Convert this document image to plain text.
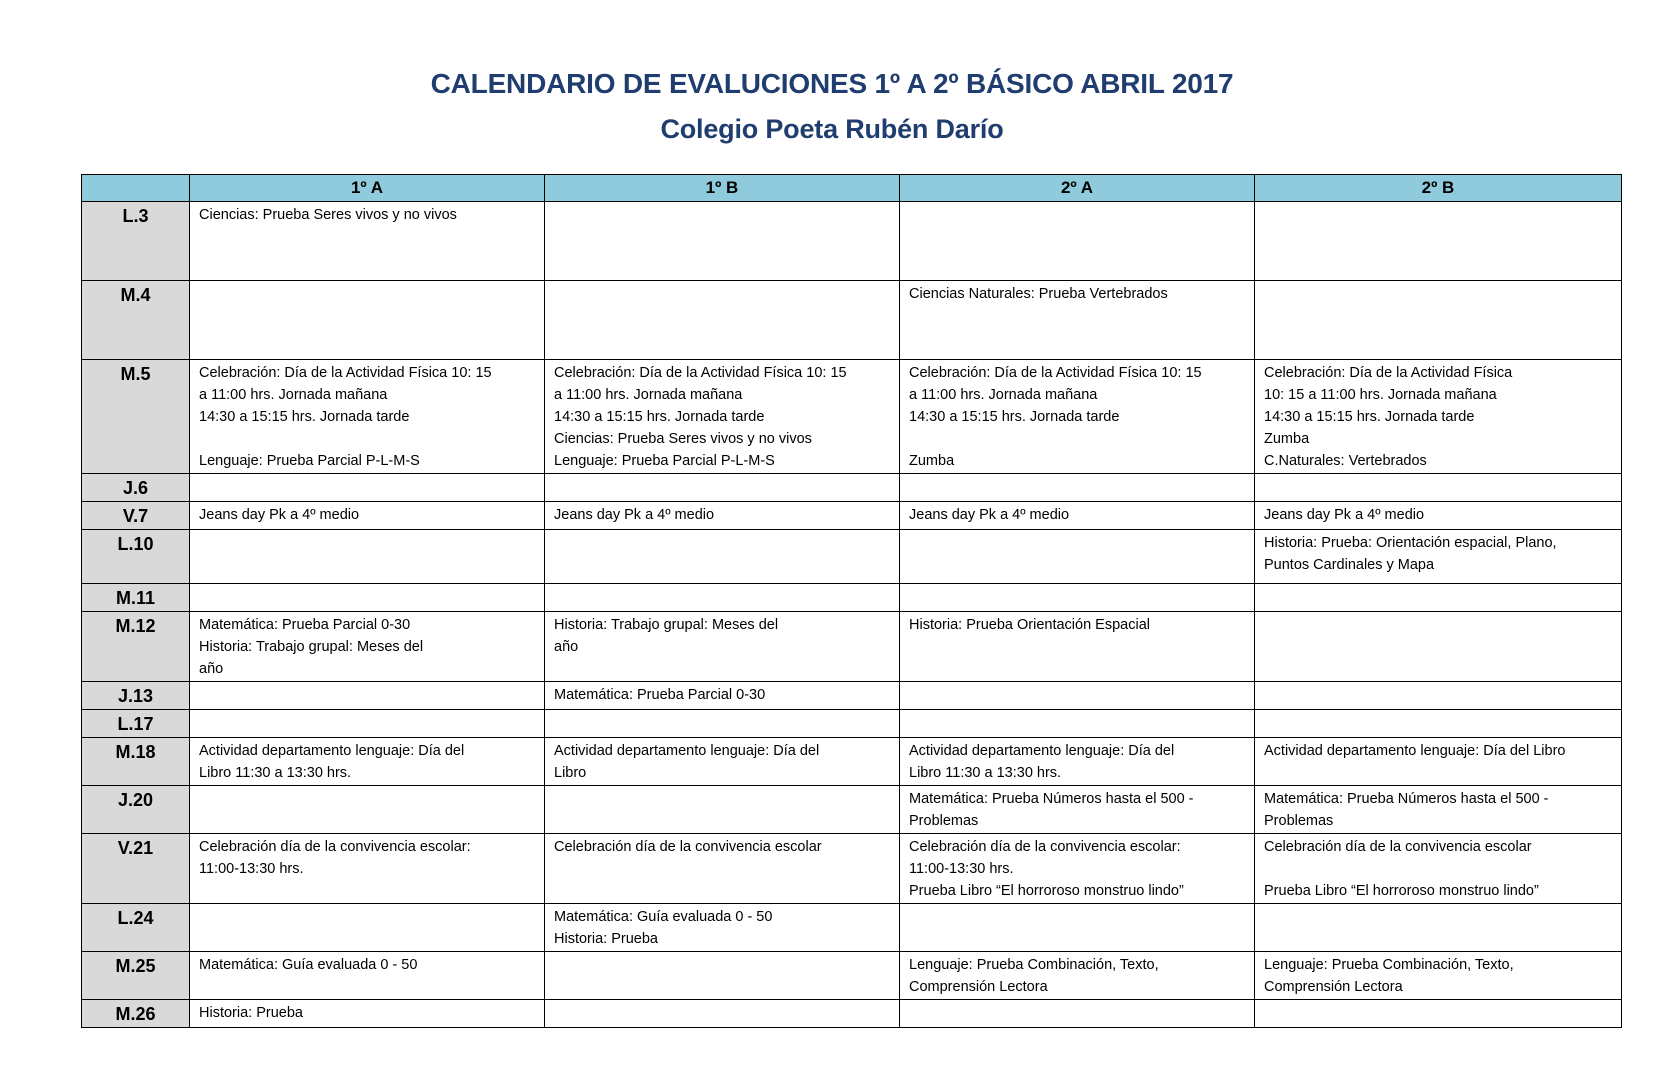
CALENDARIO DE EVALUCIONES 1º A 2º BÁSICO ABRIL 2017
Colegio Poeta Rubén Darío
	1º A	1º B	2º A	2º B
L.3	Ciencias: Prueba Seres vivos y no vivos			

M.4			Ciencias Naturales: Prueba Vertebrados	

M.5	Celebración: Día de la Actividad Física 10: 15
a 11:00 hrs. Jornada mañana
14:30 a 15:15 hrs. Jornada tarde
Lenguaje: Prueba Parcial P-L-M-S	Celebración: Día de la Actividad Física 10: 15
a 11:00 hrs. Jornada mañana
14:30 a 15:15 hrs. Jornada tarde
Ciencias: Prueba Seres vivos y no vivos
Lenguaje: Prueba Parcial P-L-M-S	Celebración: Día de la Actividad Física 10: 15
a 11:00 hrs. Jornada mañana
14:30 a 15:15 hrs. Jornada tarde
Zumba	Celebración: Día de la Actividad Física
10: 15 a 11:00 hrs. Jornada mañana
14:30 a 15:15 hrs. Jornada tarde
Zumba
C.Naturales: Vertebrados

J.6				
V.7	Jeans day Pk a 4º medio	Jeans day Pk a 4º medio	Jeans day Pk a 4º medio	Jeans day Pk a 4º medio

L.10				Historia: Prueba: Orientación espacial, Plano,
Puntos Cardinales y Mapa

M.11				
M.12	Matemática: Prueba Parcial 0-30
Historia: Trabajo grupal: Meses del
año	Historia: Trabajo grupal: Meses del
año	Historia: Prueba Orientación Espacial	

J.13		Matemática: Prueba Parcial 0-30		

L.17				
M.18	Actividad departamento lenguaje: Día del
Libro 11:30 a 13:30 hrs.	Actividad departamento lenguaje: Día del
Libro	Actividad departamento lenguaje: Día del
Libro 11:30 a 13:30 hrs.	Actividad departamento lenguaje: Día del Libro

J.20			Matemática: Prueba Números hasta el 500 -
Problemas	Matemática: Prueba Números hasta el 500 -
Problemas

V.21	Celebración día de la convivencia escolar:
11:00-13:30 hrs.	Celebración día de la convivencia escolar	Celebración día de la convivencia escolar:
11:00-13:30 hrs.
Prueba Libro “El horroroso monstruo lindo”	Celebración día de la convivencia escolar
Prueba Libro “El horroroso monstruo lindo”

L.24		Matemática: Guía evaluada 0 - 50
Historia: Prueba		

M.25	Matemática: Guía evaluada 0 - 50		Lenguaje: Prueba Combinación, Texto,
Comprensión Lectora	Lenguaje: Prueba Combinación, Texto,
Comprensión Lectora

M.26	Historia: Prueba			
